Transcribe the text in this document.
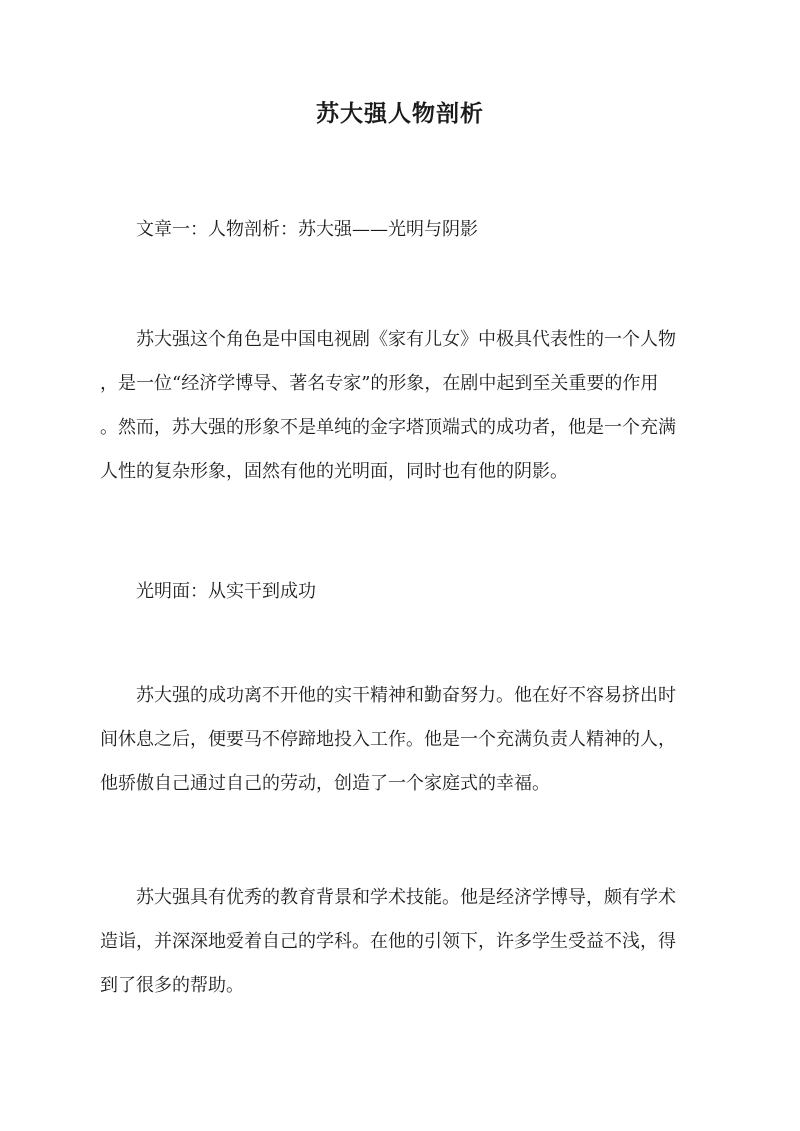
苏大强人物剖析

文章一：人物剖析：苏大强——光明与阴影

苏大强这个角色是中国电视剧《家有儿女》中极具代表性的一个人物
，是一位“经济学博导、著名专家”的形象，在剧中起到至关重要的作用
。然而，苏大强的形象不是单纯的金字塔顶端式的成功者，他是一个充满
人性的复杂形象，固然有他的光明面，同时也有他的阴影。

光明面：从实干到成功

苏大强的成功离不开他的实干精神和勤奋努力。他在好不容易挤出时
间休息之后，便要马不停蹄地投入工作。他是一个充满负责人精神的人，
他骄傲自己通过自己的劳动，创造了一个家庭式的幸福。

苏大强具有优秀的教育背景和学术技能。他是经济学博导，颇有学术
造诣，并深深地爱着自己的学科。在他的引领下，许多学生受益不浅，得
到了很多的帮助。
